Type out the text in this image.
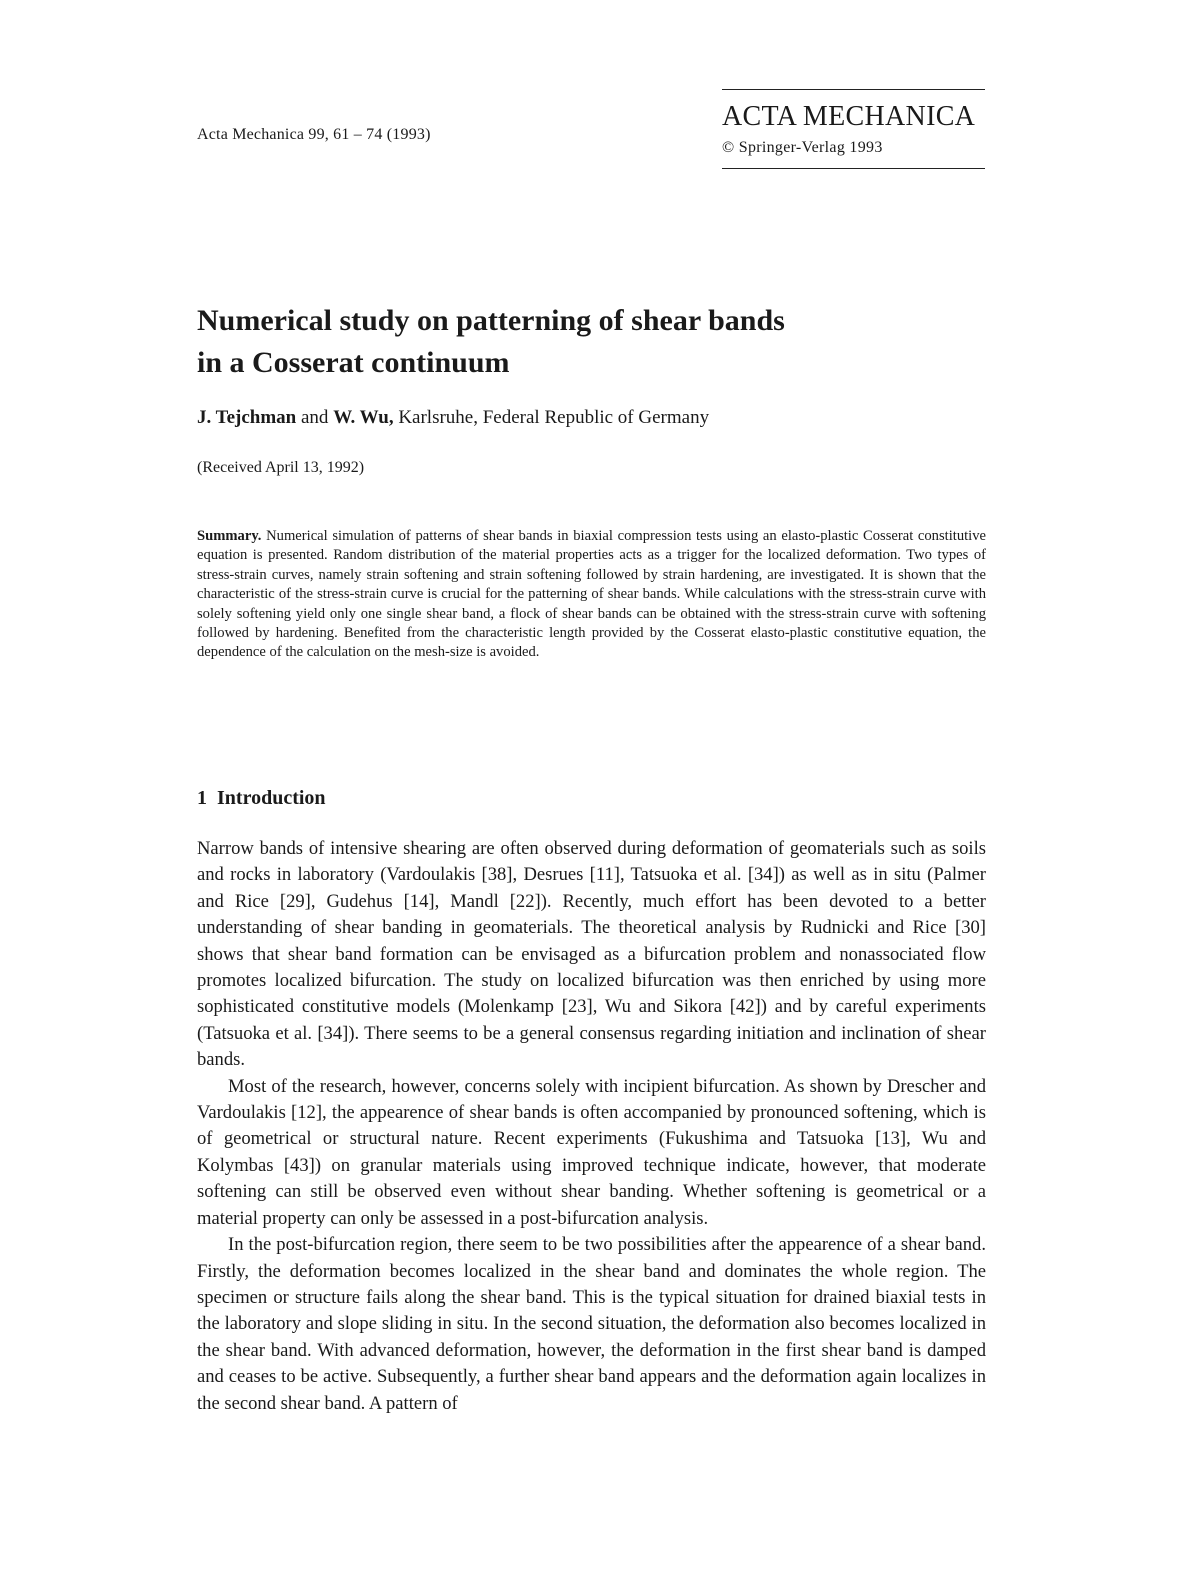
Acta Mechanica 99, 61 – 74 (1993)
ACTA MECHANICA
© Springer-Verlag 1993
Numerical study on patterning of shear bands
in a Cosserat continuum
J. Tejchman and W. Wu, Karlsruhe, Federal Republic of Germany
(Received April 13, 1992)
Summary. Numerical simulation of patterns of shear bands in biaxial compression tests using an elasto-plastic Cosserat constitutive equation is presented. Random distribution of the material properties acts as a trigger for the localized deformation. Two types of stress-strain curves, namely strain softening and strain softening followed by strain hardening, are investigated. It is shown that the characteristic of the stress-strain curve is crucial for the patterning of shear bands. While calculations with the stress-strain curve with solely softening yield only one single shear band, a flock of shear bands can be obtained with the stress-strain curve with softening followed by hardening. Benefited from the characteristic length provided by the Cosserat elasto-plastic constitutive equation, the dependence of the calculation on the mesh-size is avoided.
1 Introduction

Narrow bands of intensive shearing are often observed during deformation of geomaterials such as soils and rocks in laboratory (Vardoulakis [38], Desrues [11], Tatsuoka et al. [34]) as well as in situ (Palmer and Rice [29], Gudehus [14], Mandl [22]). Recently, much effort has been devoted to a better understanding of shear banding in geomaterials. The theoretical analysis by Rudnicki and Rice [30] shows that shear band formation can be envisaged as a bifurcation problem and nonassociated flow promotes localized bifurcation. The study on localized bifurcation was then enriched by using more sophisticated constitutive models (Molenkamp [23], Wu and Sikora [42]) and by careful experiments (Tatsuoka et al. [34]). There seems to be a general consensus regarding initiation and inclination of shear bands.

Most of the research, however, concerns solely with incipient bifurcation. As shown by Drescher and Vardoulakis [12], the appearence of shear bands is often accompanied by pronounced softening, which is of geometrical or structural nature. Recent experiments (Fukushima and Tatsuoka [13], Wu and Kolymbas [43]) on granular materials using improved technique indicate, however, that moderate softening can still be observed even without shear banding. Whether softening is geometrical or a material property can only be assessed in a post-bifurcation analysis.

In the post-bifurcation region, there seem to be two possibilities after the appearence of a shear band. Firstly, the deformation becomes localized in the shear band and dominates the whole region. The specimen or structure fails along the shear band. This is the typical situation for drained biaxial tests in the laboratory and slope sliding in situ. In the second situation, the deformation also becomes localized in the shear band. With advanced deformation, however, the deformation in the first shear band is damped and ceases to be active. Subsequently, a further shear band appears and the deformation again localizes in the second shear band. A pattern of
